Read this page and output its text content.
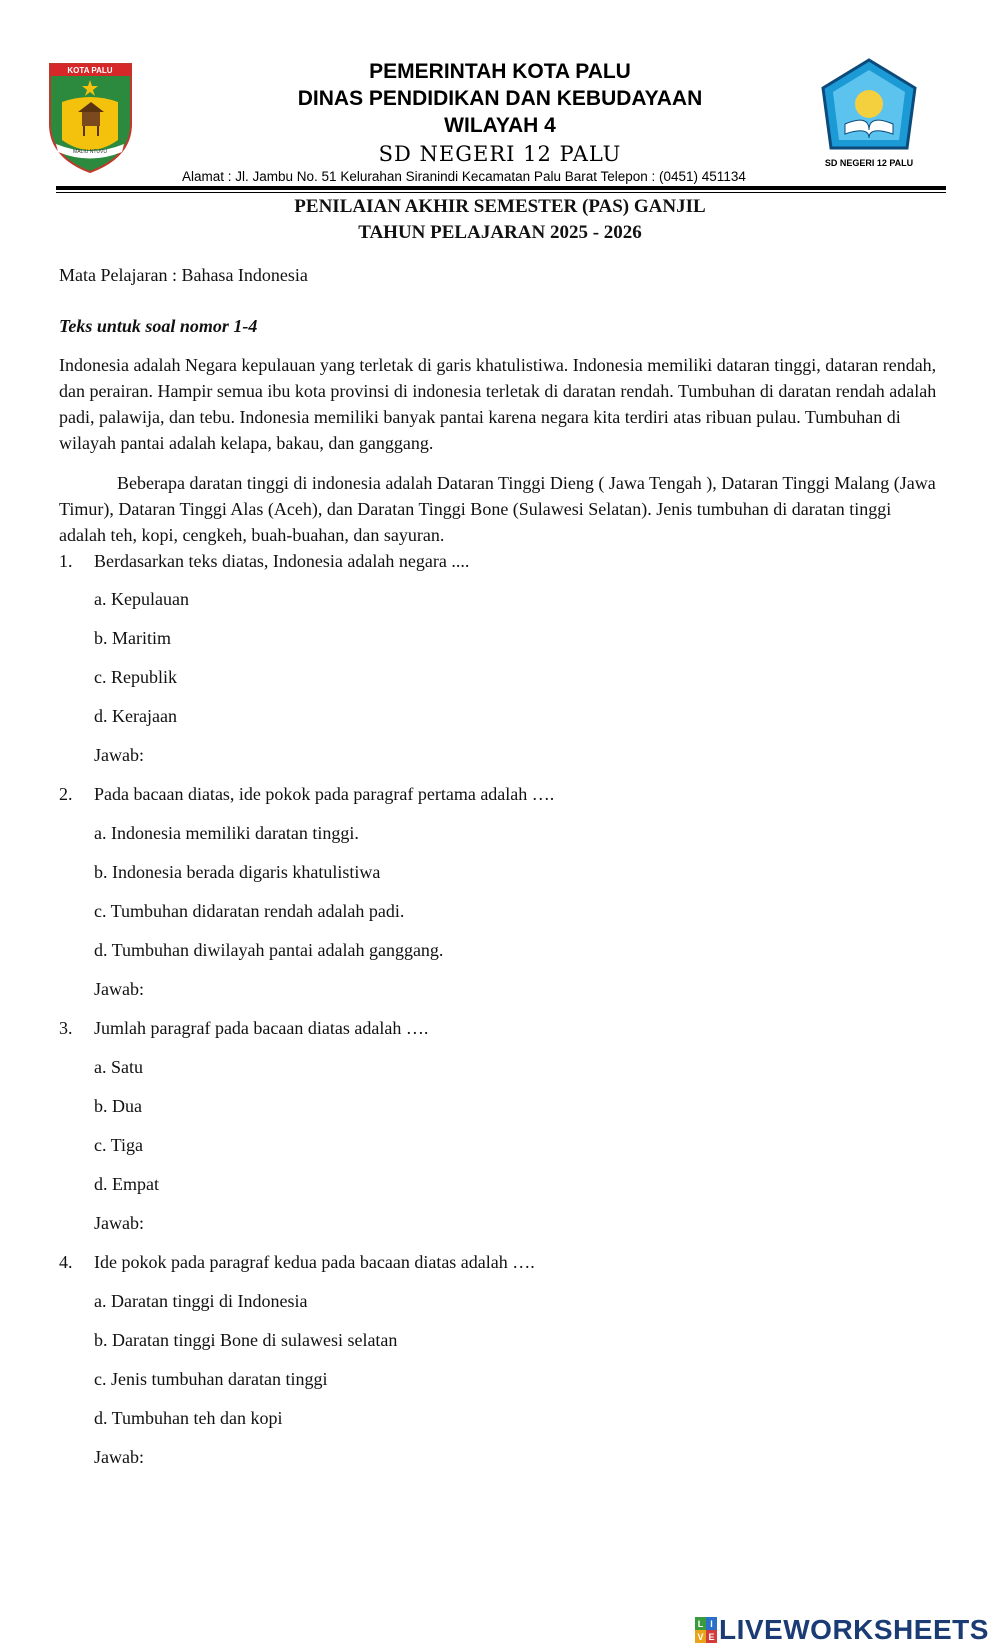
KOTA PALU
MALIU NTUVU
SD NEGERI 12 PALU
PEMERINTAH KOTA PALU
DINAS PENDIDIKAN DAN KEBUDAYAAN
WILAYAH 4
SD NEGERI 12 PALU
Alamat : Jl. Jambu No. 51 Kelurahan Siranindi Kecamatan Palu Barat Telepon : (0451) 451134
PENILAIAN AKHIR SEMESTER (PAS) GANJIL
TAHUN PELAJARAN 2025 - 2026
Mata Pelajaran : Bahasa Indonesia
Teks untuk soal nomor 1-4

Indonesia adalah Negara kepulauan yang terletak di garis khatulistiwa. Indonesia memiliki dataran tinggi, dataran rendah, dan perairan. Hampir semua ibu kota provinsi di indonesia terletak di daratan rendah. Tumbuhan di daratan rendah adalah padi, palawija, dan tebu. Indonesia memiliki banyak pantai karena negara kita terdiri atas ribuan pulau. Tumbuhan di wilayah pantai adalah kelapa, bakau, dan ganggang.

Beberapa daratan tinggi di indonesia adalah Dataran Tinggi Dieng ( Jawa Tengah ), Dataran Tinggi Malang (Jawa Timur), Dataran Tinggi Alas (Aceh), dan Daratan Tinggi Bone (Sulawesi Selatan). Jenis tumbuhan di daratan tinggi adalah teh, kopi, cengkeh, buah-buahan, dan sayuran.

1. Berdasarkan teks diatas, Indonesia adalah negara ....
a. Kepulauan
b. Maritim
c. Republik
d. Kerajaan
Jawab:
2. Pada bacaan diatas, ide pokok pada paragraf pertama adalah ….
a. Indonesia memiliki daratan tinggi.
b. Indonesia berada digaris khatulistiwa
c. Tumbuhan didaratan rendah adalah padi.
d. Tumbuhan diwilayah pantai adalah ganggang.
Jawab:
3. Jumlah paragraf pada bacaan diatas adalah ….
a. Satu
b. Dua
c. Tiga
d. Empat
Jawab:
4. Ide pokok pada paragraf kedua pada bacaan diatas adalah ….
a. Daratan tinggi di Indonesia
b. Daratan tinggi Bone di sulawesi selatan
c. Jenis tumbuhan daratan tinggi
d. Tumbuhan teh dan kopi
Jawab:
L I
V E LIVEWORKSHEETS
